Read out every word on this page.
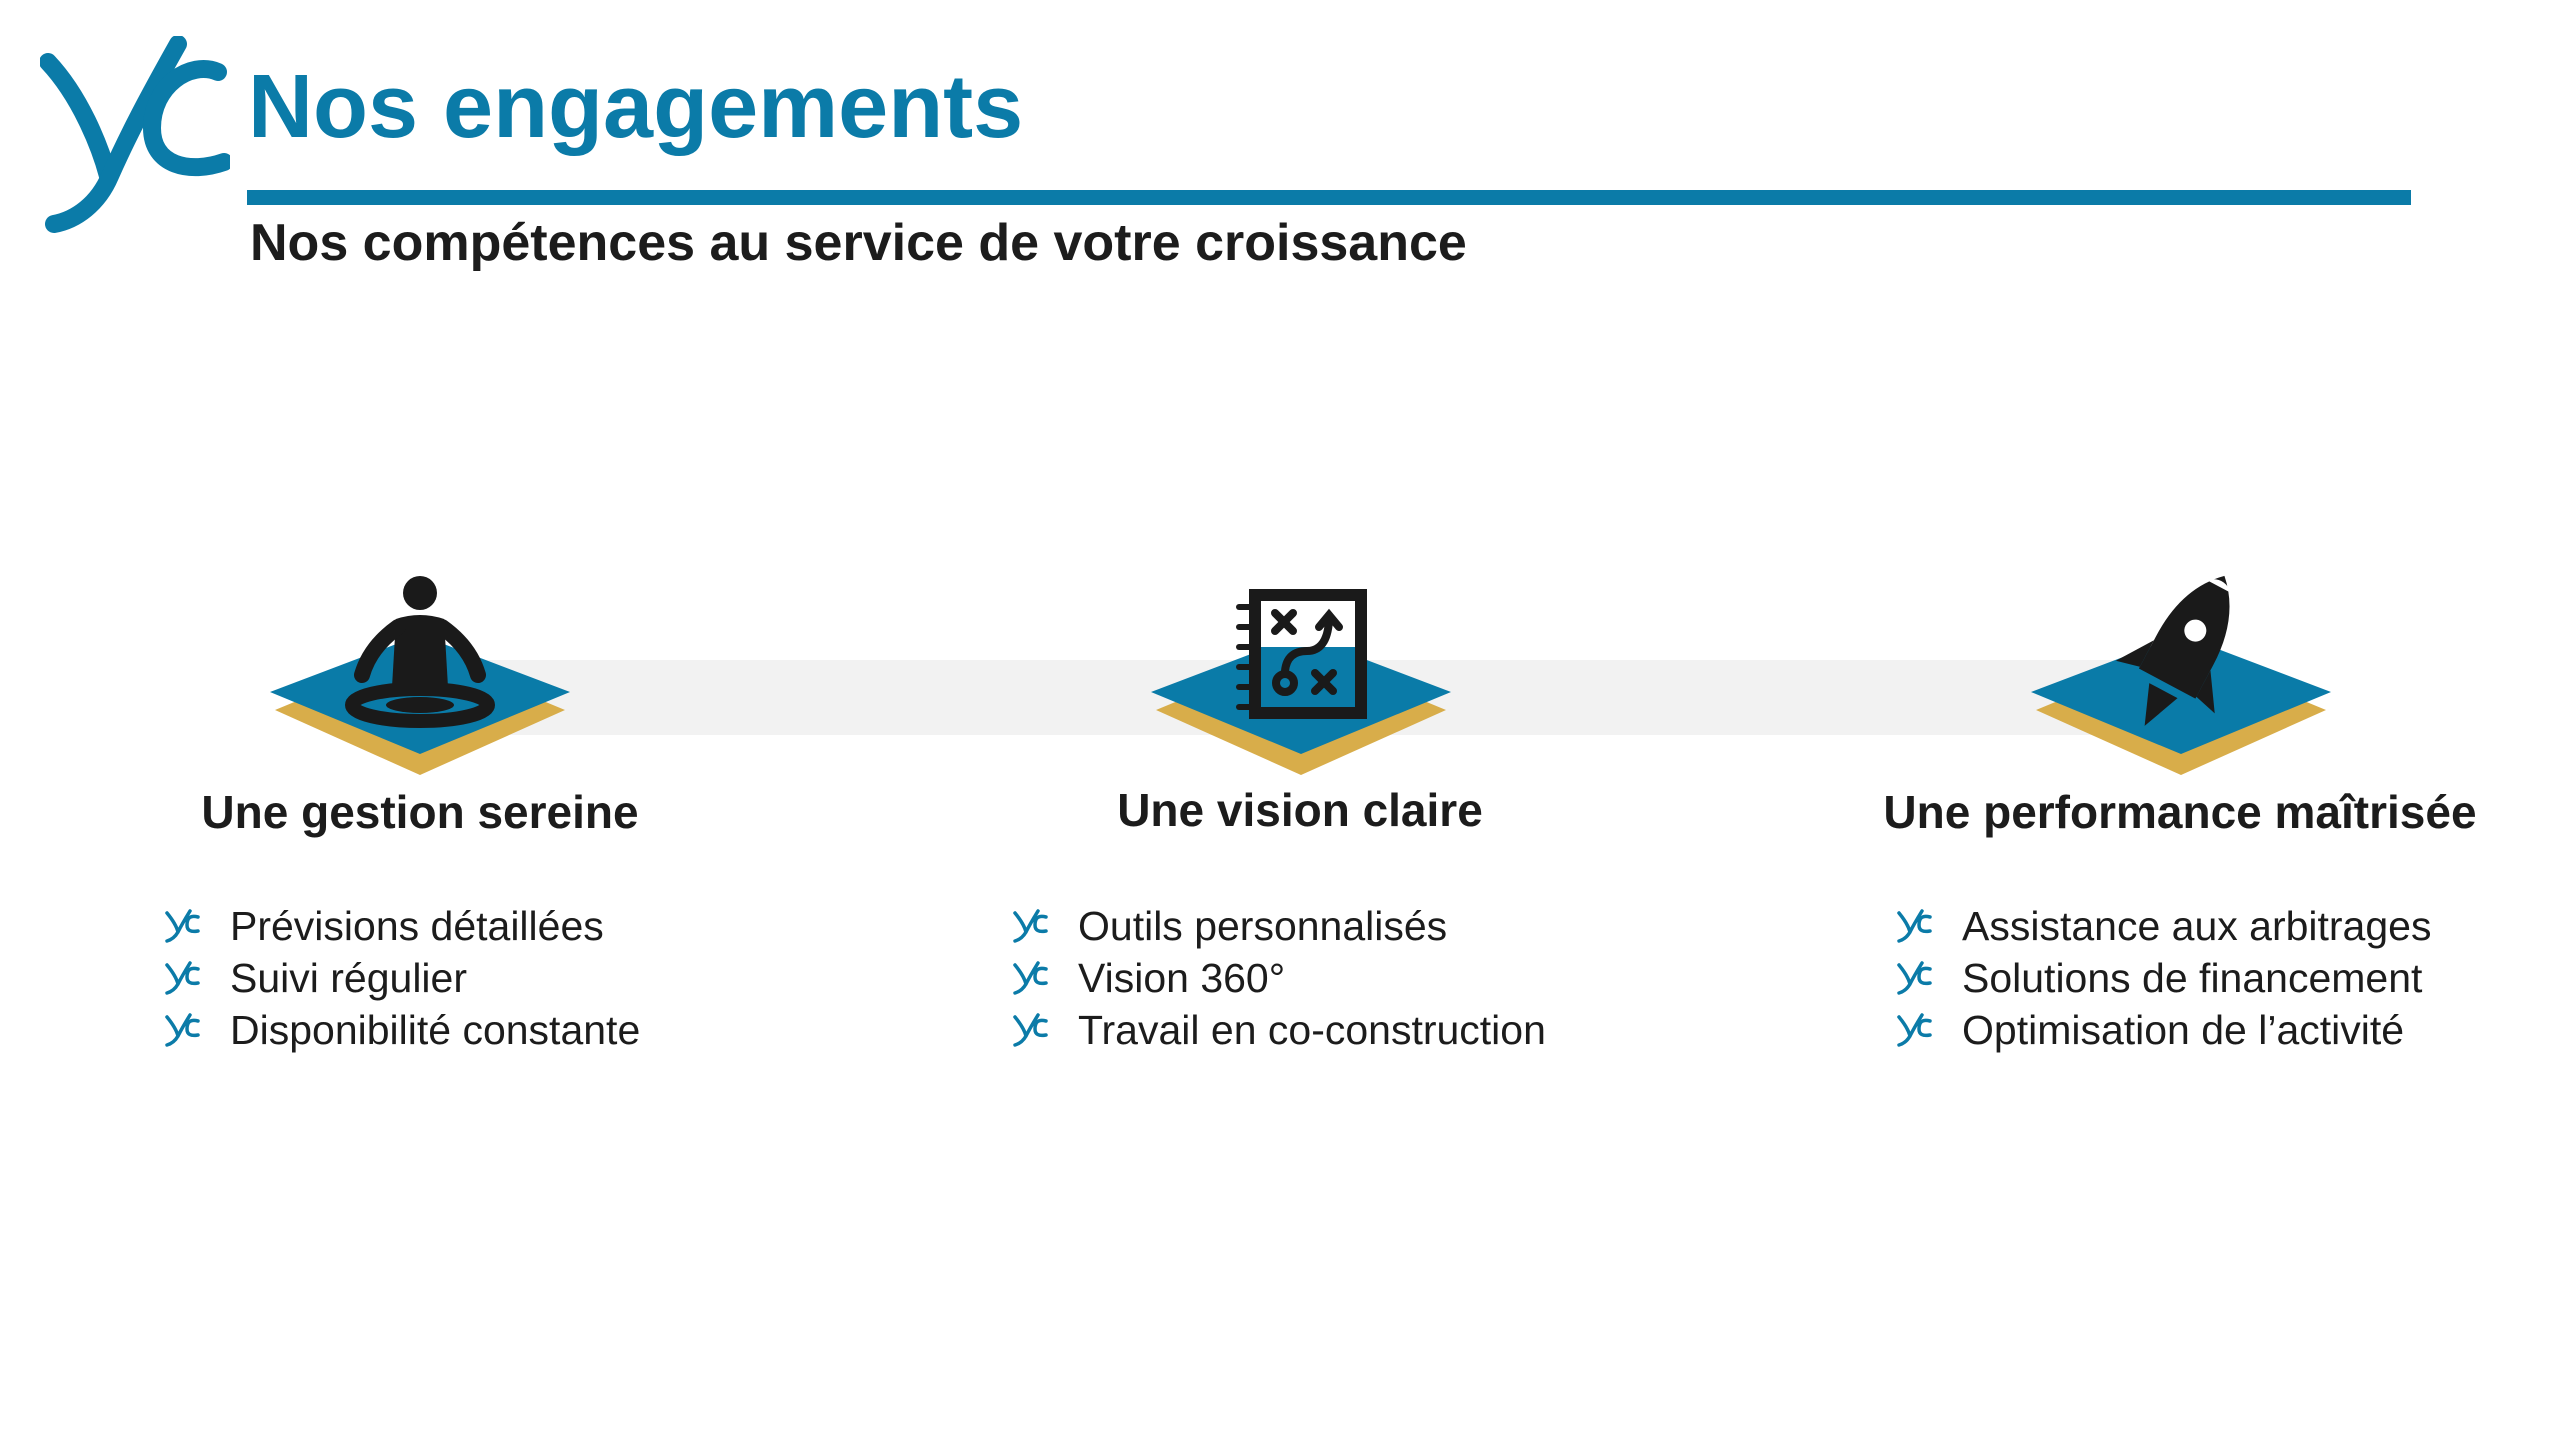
Nos engagements
Nos compétences au service de votre croissance
Une gestion sereine
Prévisions détaillées
Suivi régulier
Disponibilité constante
Une vision claire
Outils personnalisés
Vision 360°
Travail en co-construction
Une performance maîtrisée
Assistance aux arbitrages
Solutions de financement
Optimisation de l’activité
